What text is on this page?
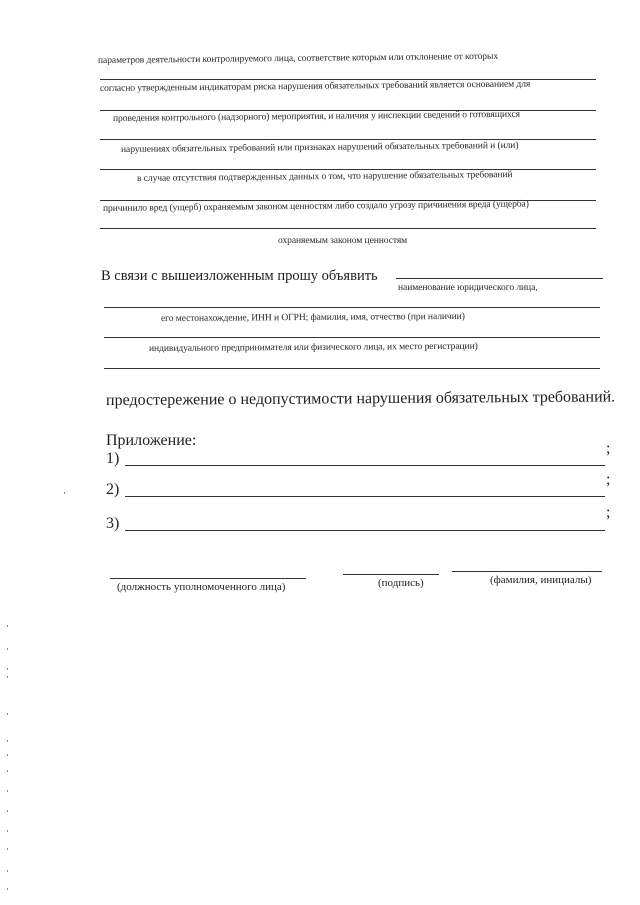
параметров деятельности контролируемого лица, соответствие которым или отклонение от которых
согласно утвержденным индикаторам риска нарушения обязательных требований является основанием для
проведения контрольного (надзорного) мероприятия, и наличия у инспекции сведений о готовящихся
нарушениях обязательных требований или признаках нарушений обязательных требований и (или)
в случае отсутствия подтвержденных данных о том, что нарушение обязательных требований
причинило вред (ущерб) охраняемым законом ценностям либо создало угрозу причинения вреда (ущерба)
охраняемым законом ценностям
В связи с вышеизложенным прошу объявить
наименование юридического лица,
его местонахождение, ИНН и ОГРН; фамилия, имя, отчество (при наличии)
индивидуального предпринимателя или физического лица, их место регистрации)
предостережение о недопустимости нарушения обязательных требований.
Приложение:
1)
;
2)
;
3)
;
(должность уполномоченного лица)	(подпись)	(фамилия, инициалы)
